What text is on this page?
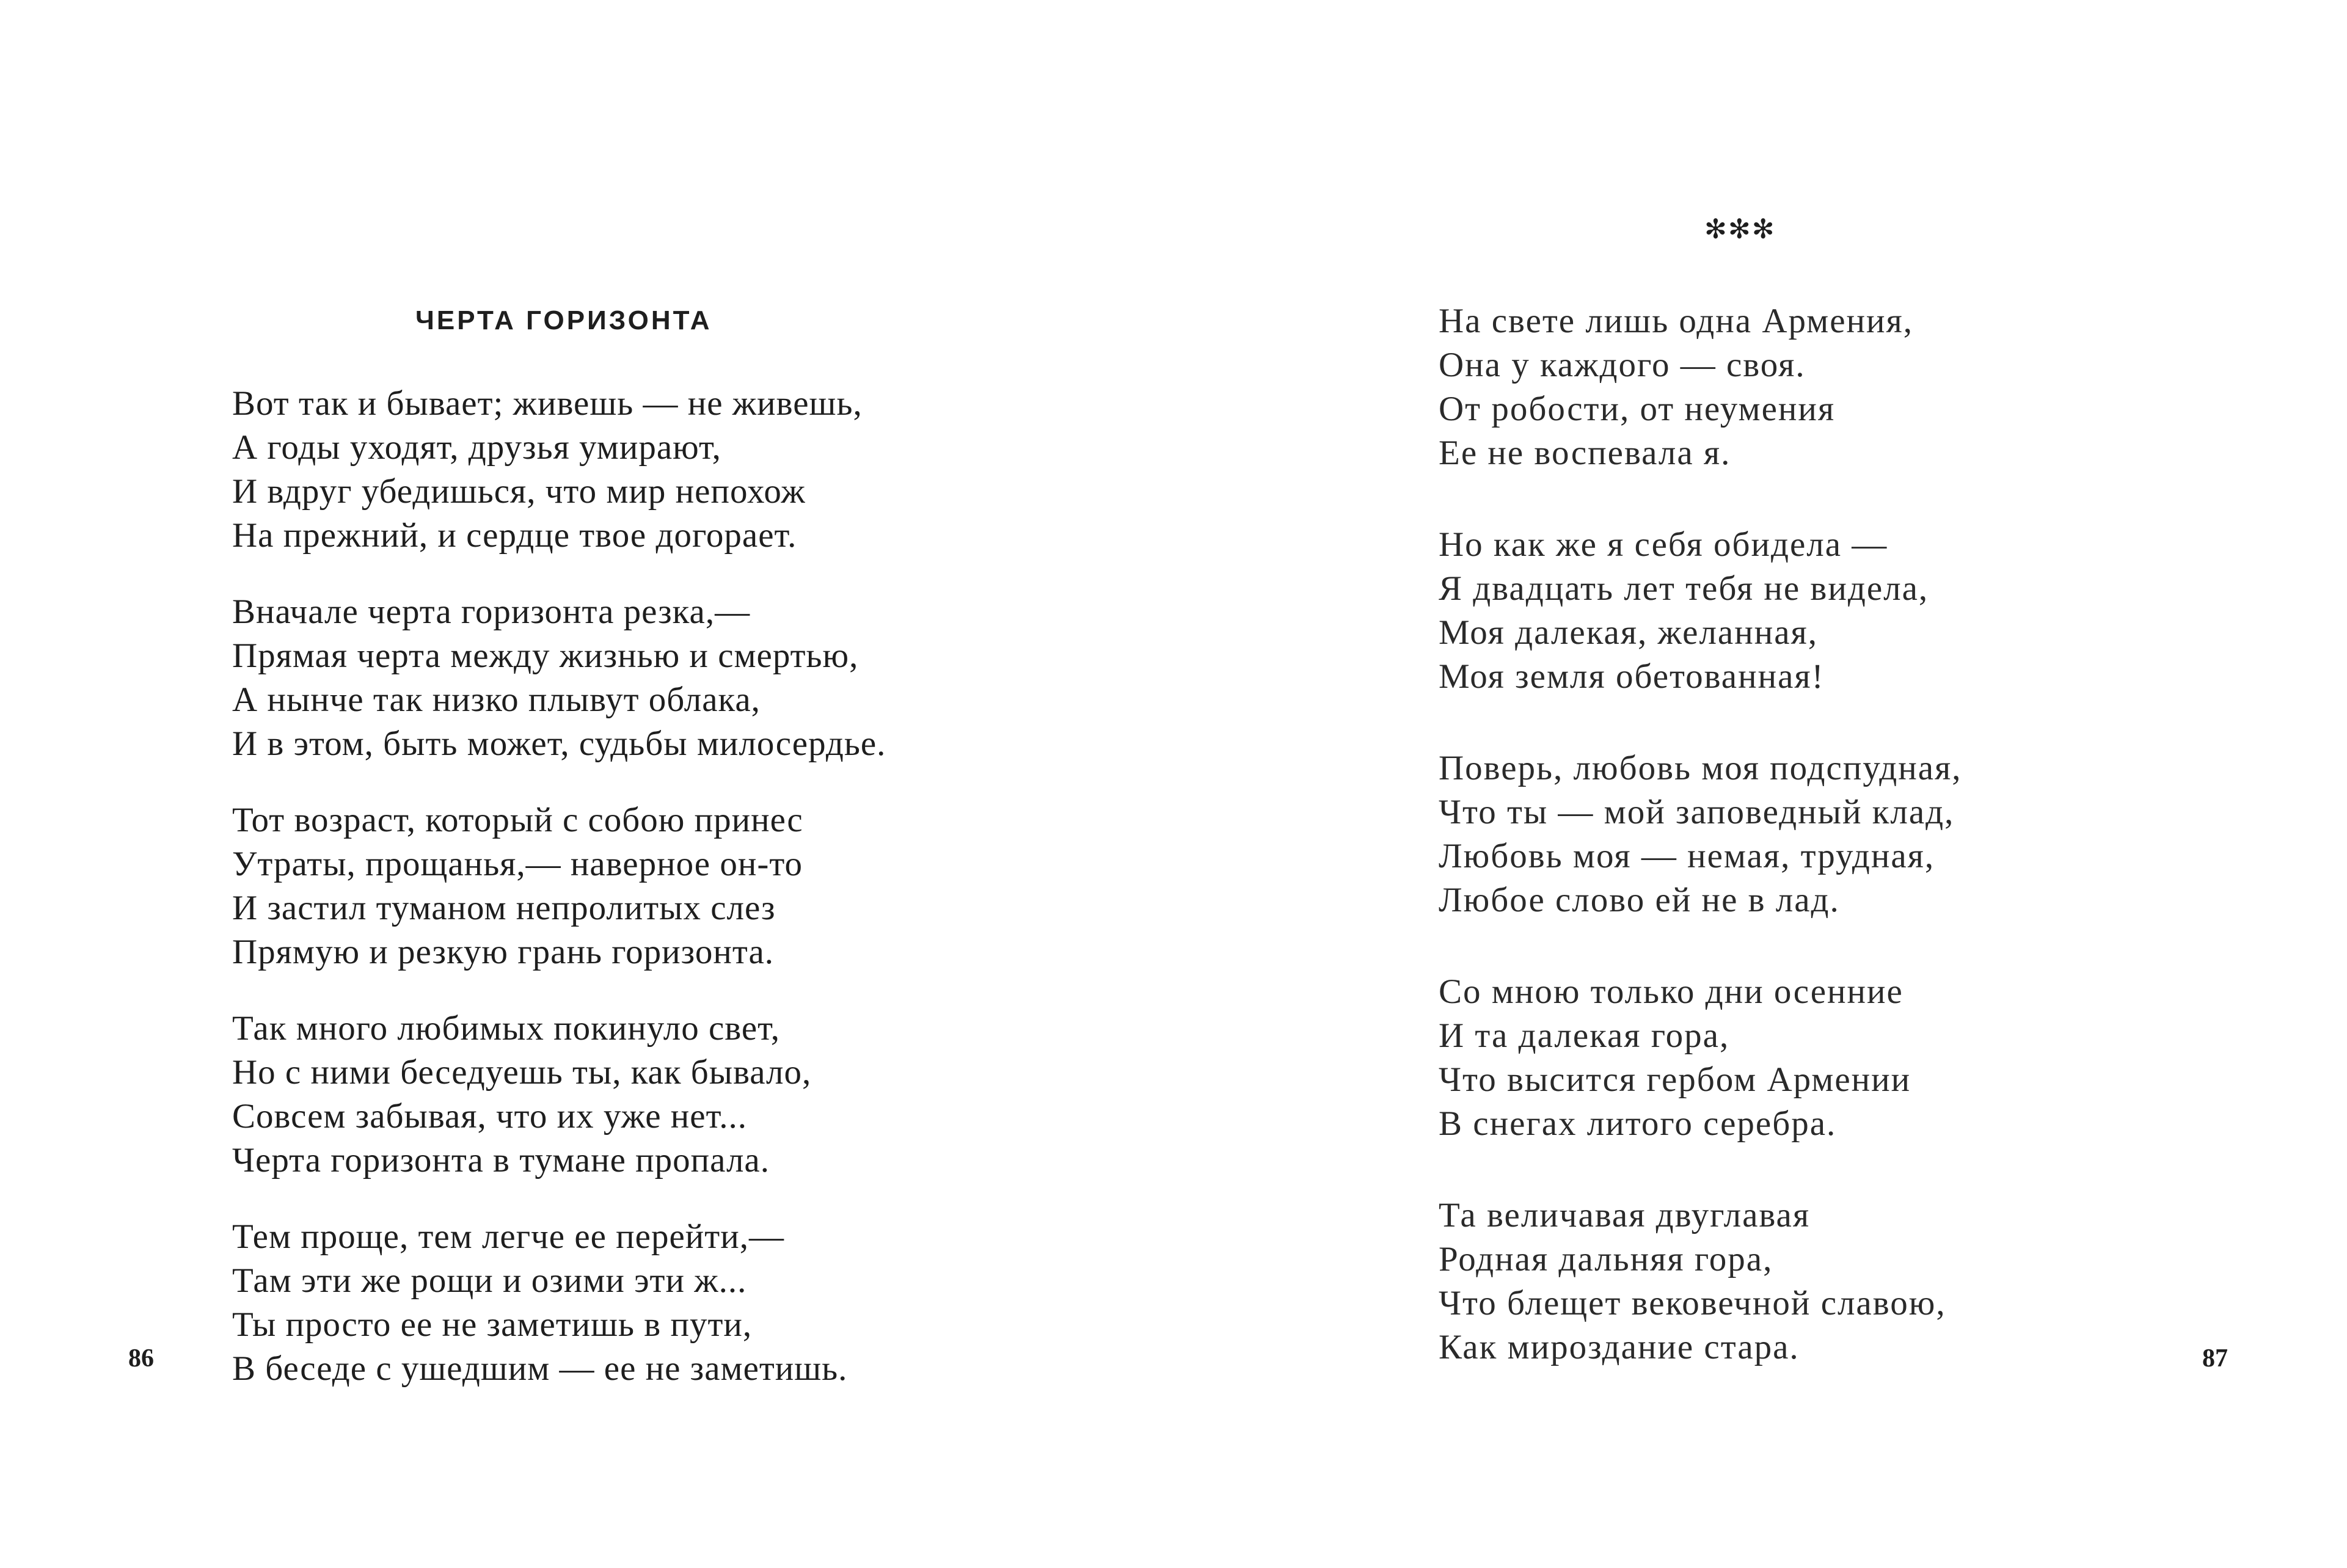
ЧЕРТА ГОРИЗОНТА

Вот так и бывает; живешь — не живешь,
А годы уходят, друзья умирают,
И вдруг убедишься, что мир непохож
На прежний, и сердце твое догорает.

Вначале черта горизонта резка,—
Прямая черта между жизнью и смертью,
А нынче так низко плывут облака,
И в этом, быть может, судьбы милосердье.

Тот возраст, который с собою принес
Утраты, прощанья,— наверное он-то
И застил туманом непролитых слез
Прямую и резкую грань горизонта.

Так много любимых покинуло свет,
Но с ними беседуешь ты, как бывало,
Совсем забывая, что их уже нет...
Черта горизонта в тумане пропала.

Тем проще, тем легче ее перейти,—
Там эти же рощи и озими эти ж...
Ты просто ее не заметишь в пути,
В беседе с ушедшим — ее не заметишь.

86
✻✻✻

На свете лишь одна Армения,
Она у каждого — своя.
От робости, от неумения
Ее не воспевала я.

Но как же я себя обидела —
Я двадцать лет тебя не видела,
Моя далекая, желанная,
Моя земля обетованная!

Поверь, любовь моя подспудная,
Что ты — мой заповедный клад,
Любовь моя — немая, трудная,
Любое слово ей не в лад.

Со мною только дни осенние
И та далекая гора,
Что высится гербом Армении
В снегах литого серебра.

Та величавая двуглавая
Родная дальняя гора,
Что блещет вековечной славою,
Как мироздание стара.	87
